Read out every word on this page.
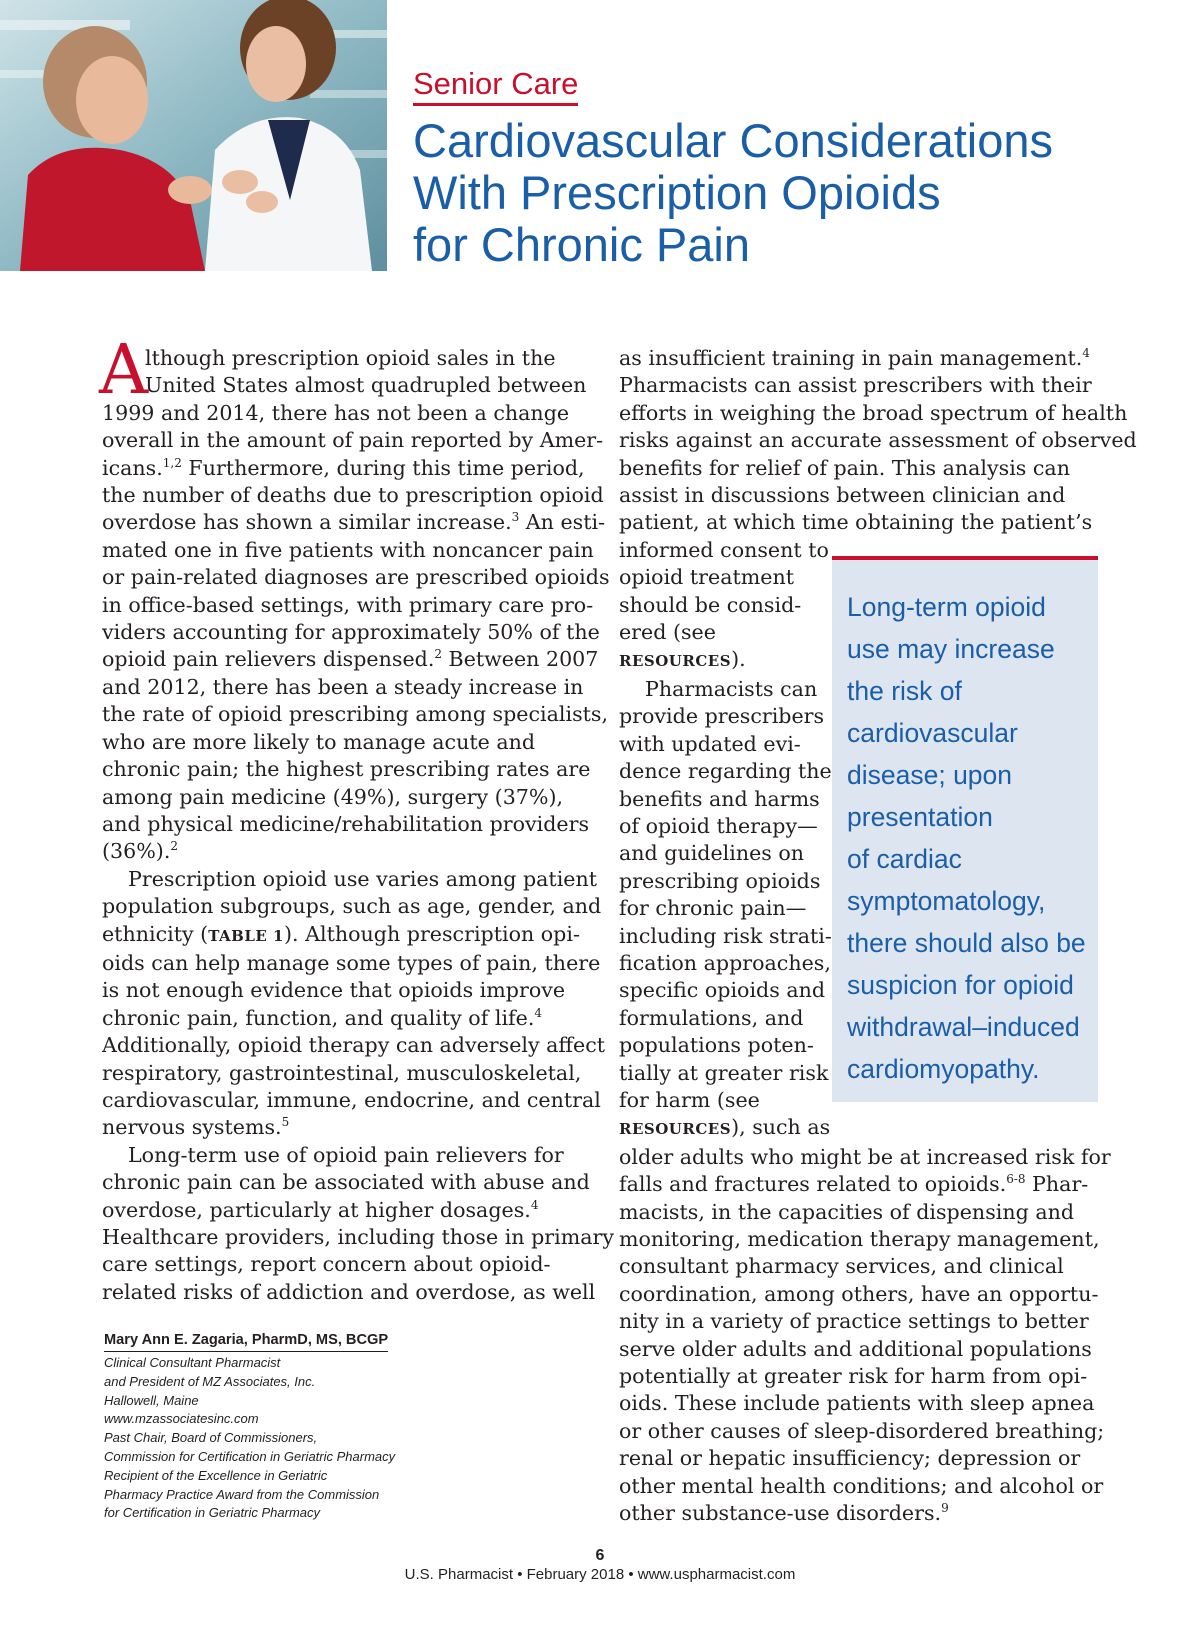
Senior Care
Cardiovascular Considerations
With Prescription Opioids
for Chronic Pain
A
lthough prescription opioid sales in the
United States almost quadrupled between
1999 and 2014, there has not been a change
overall in the amount of pain reported by Amer-
icans.$^{1,2}$ Furthermore, during this time period,
the number of deaths due to prescription opioid
overdose has shown a similar increase.$^3$ An esti-
mated one in five patients with noncancer pain
or pain-related diagnoses are prescribed opioids
in office-based settings, with primary care pro-
viders accounting for approximately 50% of the
opioid pain relievers dispensed.$^2$ Between 2007
and 2012, there has been a steady increase in
the rate of opioid prescribing among specialists,
who are more likely to manage acute and
chronic pain; the highest prescribing rates are
among pain medicine (49%), surgery (37%),
and physical medicine/rehabilitation providers
(36%).$^2$
Prescription opioid use varies among patient
population subgroups, such as age, gender, and
ethnicity (TABLE 1). Although prescription opi-
oids can help manage some types of pain, there
is not enough evidence that opioids improve
chronic pain, function, and quality of life.$^4$
Additionally, opioid therapy can adversely affect
respiratory, gastrointestinal, musculoskeletal,
cardiovascular, immune, endocrine, and central
nervous systems.$^5$
Long-term use of opioid pain relievers for
chronic pain can be associated with abuse and
overdose, particularly at higher dosages.$^4$
Healthcare providers, including those in primary
care settings, report concern about opioid-
related risks of addiction and overdose, as well
as insufficient training in pain management.$^4$
Pharmacists can assist prescribers with their
efforts in weighing the broad spectrum of health
risks against an accurate assessment of observed
benefits for relief of pain. This analysis can
assist in discussions between clinician and
patient, at which time obtaining the patient’s
informed consent to
opioid treatment
should be consid-
ered (see
RESOURCES).
Pharmacists can
provide prescribers
with updated evi-
dence regarding the
benefits and harms
of opioid therapy—
and guidelines on
prescribing opioids
for chronic pain—
including risk strati-
fication approaches,
specific opioids and
formulations, and
populations poten-
tially at greater risk
for harm (see
RESOURCES), such as
older adults who might be at increased risk for
falls and fractures related to opioids.$^{6-8}$ Phar-
macists, in the capacities of dispensing and
monitoring, medication therapy management,
consultant pharmacy services, and clinical
coordination, among others, have an opportu-
nity in a variety of practice settings to better
serve older adults and additional populations
potentially at greater risk for harm from opi-
oids. These include patients with sleep apnea
or other causes of sleep-disordered breathing;
renal or hepatic insufficiency; depression or
other mental health conditions; and alcohol or
other substance-use disorders.$^9$
Long-term opioid
use may increase
the risk of
cardiovascular
disease; upon
presentation
of cardiac
symptomatology,
there should also be
suspicion for opioid
withdrawal–induced
cardiomyopathy.
Mary Ann E. Zagaria, PharmD, MS, BCGP
Clinical Consultant Pharmacist
and President of MZ Associates, Inc.
Hallowell, Maine
www.mzassociatesinc.com
Past Chair, Board of Commissioners,
Commission for Certification in Geriatric Pharmacy
Recipient of the Excellence in Geriatric
Pharmacy Practice Award from the Commission
for Certification in Geriatric Pharmacy
6
U.S. Pharmacist • February 2018 • www.uspharmacist.com
